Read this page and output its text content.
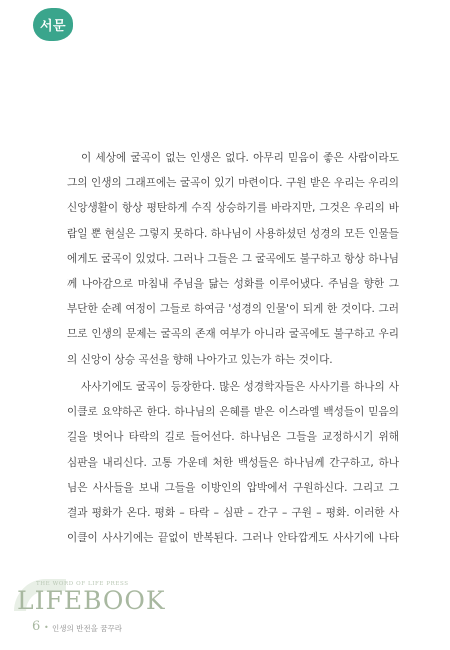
서문
이 세상에 굴곡이 없는 인생은 없다. 아무리 믿음이 좋은 사람이라도
그의 인생의 그래프에는 굴곡이 있기 마련이다. 구원 받은 우리는 우리의
신앙생활이 항상 평탄하게 수직 상승하기를 바라지만, 그것은 우리의 바
람일 뿐 현실은 그렇지 못하다. 하나님이 사용하셨던 성경의 모든 인물들
에게도 굴곡이 있었다. 그러나 그들은 그 굴곡에도 불구하고 항상 하나님
께 나아감으로 마침내 주님을 닮는 성화를 이루어냈다. 주님을 향한 그
부단한 순례 여정이 그들로 하여금 '성경의 인물'이 되게 한 것이다. 그러
므로 인생의 문제는 굴곡의 존재 여부가 아니라 굴곡에도 불구하고 우리
의 신앙이 상승 곡선을 향해 나아가고 있는가 하는 것이다.
사사기에도 굴곡이 등장한다. 많은 성경학자들은 사사기를 하나의 사
이클로 요약하곤 한다. 하나님의 은혜를 받은 이스라엘 백성들이 믿음의
길을 벗어나 타락의 길로 들어선다. 하나님은 그들을 교정하시기 위해
심판을 내리신다. 고통 가운데 처한 백성들은 하나님께 간구하고, 하나
님은 사사들을 보내 그들을 이방인의 압박에서 구원하신다. 그리고 그
결과 평화가 온다. 평화 – 타락 – 심판 – 간구 – 구원 – 평화. 이러한 사
이클이 사사기에는 끝없이 반복된다. 그러나 안타깝게도 사사기에 나타
THE WORD OF LIFE PRESS
LIFEBOOK
6 • 인생의 반전을 꿈꾸라
